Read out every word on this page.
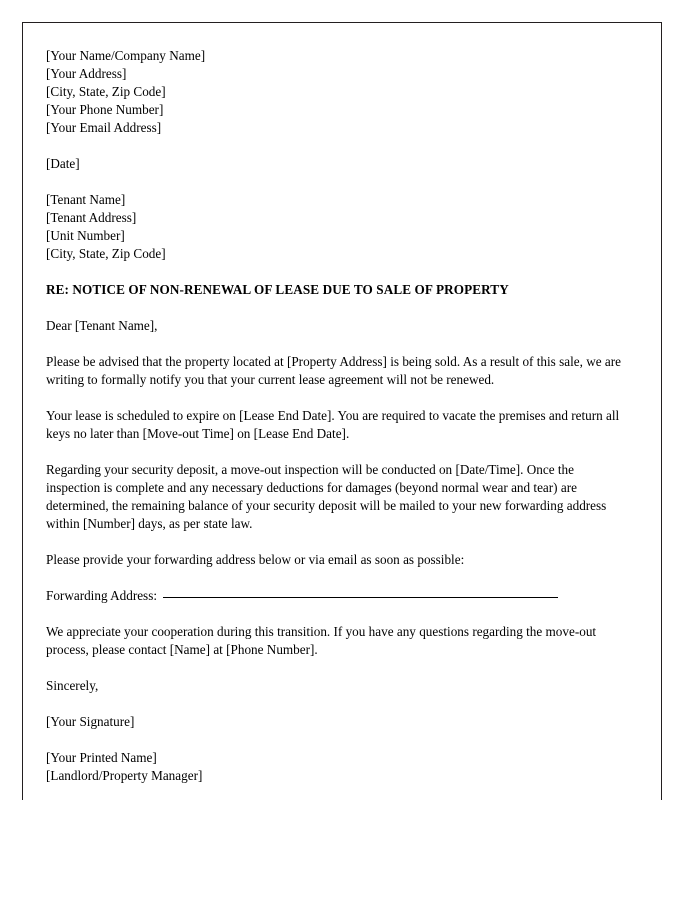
[Your Name/Company Name]
[Your Address]
[City, State, Zip Code]
[Your Phone Number]
[Your Email Address]
[Date]
[Tenant Name]
[Tenant Address]
[Unit Number]
[City, State, Zip Code]
RE: NOTICE OF NON-RENEWAL OF LEASE DUE TO SALE OF PROPERTY
Dear [Tenant Name],

Please be advised that the property located at [Property Address] is being sold. As a result of this sale, we are writing to formally notify you that your current lease agreement will not be renewed.

Your lease is scheduled to expire on [Lease End Date]. You are required to vacate the premises and return all keys no later than [Move-out Time] on [Lease End Date].

Regarding your security deposit, a move-out inspection will be conducted on [Date/Time]. Once the inspection is complete and any necessary deductions for damages (beyond normal wear and tear) are determined, the remaining balance of your security deposit will be mailed to your new forwarding address within [Number] days, as per state law.

Please provide your forwarding address below or via email as soon as possible:

Forwarding Address:

We appreciate your cooperation during this transition. If you have any questions regarding the move-out process, please contact [Name] at [Phone Number].

Sincerely,
[Your Signature]
[Your Printed Name]
[Landlord/Property Manager]
